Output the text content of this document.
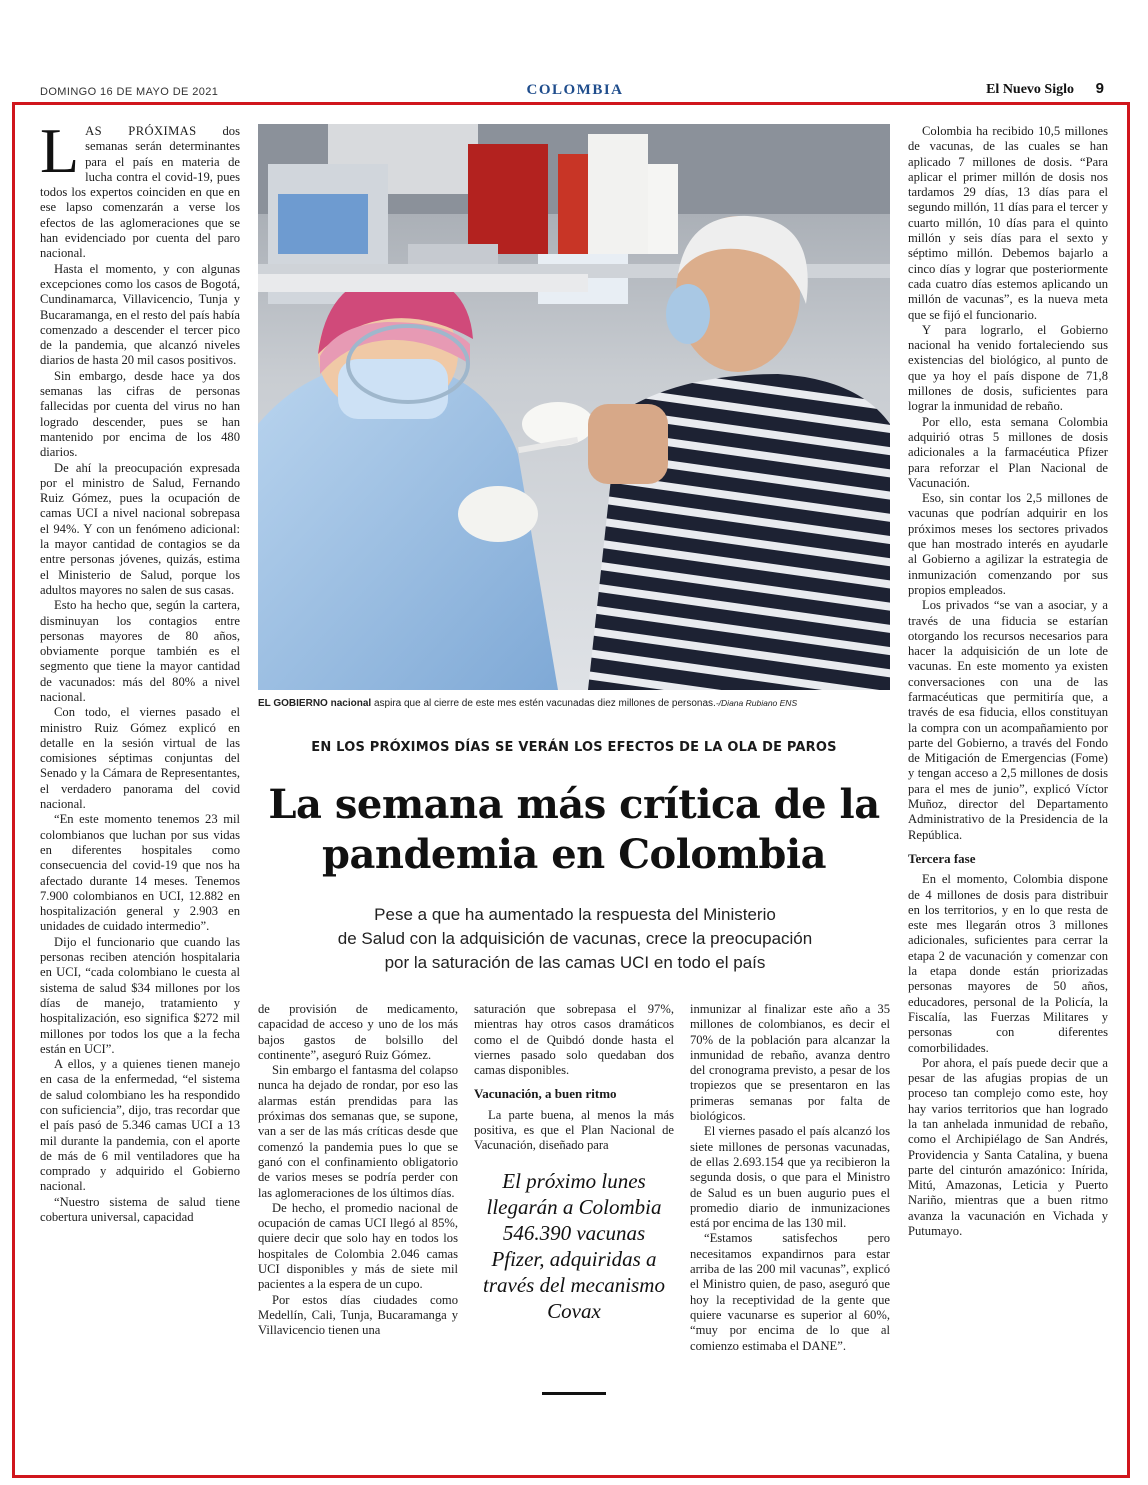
DOMINGO 16 DE MAYO DE 2021	COLOMBIA	El Nuevo Siglo 9

LAS PRÓXIMAS dos semanas serán determinantes para el país en materia de lucha contra el covid-19, pues todos los expertos coinciden en que en ese lapso comenzarán a verse los efectos de las aglomeraciones que se han evidenciado por cuenta del paro nacional.

Hasta el momento, y con algunas excepciones como los casos de Bogotá, Cundinamarca, Villavicencio, Tunja y Bucaramanga, en el resto del país había comenzado a descender el tercer pico de la pandemia, que alcanzó niveles diarios de hasta 20 mil casos positivos.

Sin embargo, desde hace ya dos semanas las cifras de personas fallecidas por cuenta del virus no han logrado descender, pues se han mantenido por encima de los 480 diarios.

De ahí la preocupación expresada por el ministro de Salud, Fernando Ruiz Gómez, pues la ocupación de camas UCI a nivel nacional sobrepasa el 94%. Y con un fenómeno adicional: la mayor cantidad de contagios se da entre personas jóvenes, quizás, estima el Ministerio de Salud, porque los adultos mayores no salen de sus casas.

Esto ha hecho que, según la cartera, disminuyan los contagios entre personas mayores de 80 años, obviamente porque también es el segmento que tiene la mayor cantidad de vacunados: más del 80% a nivel nacional.

Con todo, el viernes pasado el ministro Ruiz Gómez explicó en detalle en la sesión virtual de las comisiones séptimas conjuntas del Senado y la Cámara de Representantes, el verdadero panorama del covid nacional.

“En este momento tenemos 23 mil colombianos que luchan por sus vidas en diferentes hospitales como consecuencia del covid-19 que nos ha afectado durante 14 meses. Tenemos 7.900 colombianos en UCI, 12.882 en hospitalización general y 2.903 en unidades de cuidado intermedio”.

Dijo el funcionario que cuando las personas reciben atención hospitalaria en UCI, “cada colombiano le cuesta al sistema de salud $34 millones por los días de manejo, tratamiento y hospitalización, eso significa $272 mil millones por todos los que a la fecha están en UCI”.

A ellos, y a quienes tienen manejo en casa de la enfermedad, “el sistema de salud colombiano les ha respondido con suficiencia”, dijo, tras recordar que el país pasó de 5.346 camas UCI a 13 mil durante la pandemia, con el aporte de más de 6 mil ventiladores que ha comprado y adquirido el Gobierno nacional.

“Nuestro sistema de salud tiene cobertura universal, capacidad

EL GOBIERNO nacional aspira que al cierre de este mes estén vacunadas diez millones de personas.-/Diana Rubiano ENS
EN LOS PRÓXIMOS DÍAS SE VERÁN LOS EFECTOS DE LA OLA DE PAROS
La semana más crítica de la
pandemia en Colombia
Pese a que ha aumentado la respuesta del Ministerio
de Salud con la adquisición de vacunas, crece la preocupación
por la saturación de las camas UCI en todo el país

de provisión de medicamento, capacidad de acceso y uno de los más bajos gastos de bolsillo del continente”, aseguró Ruiz Gómez.

Sin embargo el fantasma del colapso nunca ha dejado de rondar, por eso las alarmas están prendidas para las próximas dos semanas que, se supone, van a ser de las más críticas desde que comenzó la pandemia pues lo que se ganó con el confinamiento obligatorio de varios meses se podría perder con las aglomeraciones de los últimos días.

De hecho, el promedio nacional de ocupación de camas UCI llegó al 85%, quiere decir que solo hay en todos los hospitales de Colombia 2.046 camas UCI disponibles y más de siete mil pacientes a la espera de un cupo.

Por estos días ciudades como Medellín, Cali, Tunja, Bucaramanga y Villavicencio tienen una

saturación que sobrepasa el 97%, mientras hay otros casos dramáticos como el de Quibdó donde hasta el viernes pasado solo quedaban dos camas disponibles.

Vacunación, a buen ritmo

La parte buena, al menos la más positiva, es que el Plan Nacional de Vacunación, diseñado para

El próximo lunes llegarán a Colombia 546.390 vacunas Pfizer, adquiridas a través del mecanismo Covax

inmunizar al finalizar este año a 35 millones de colombianos, es decir el 70% de la población para alcanzar la inmunidad de rebaño, avanza dentro del cronograma previsto, a pesar de los tropiezos que se presentaron en las primeras semanas por falta de biológicos.

El viernes pasado el país alcanzó los siete millones de personas vacunadas, de ellas 2.693.154 que ya recibieron la segunda dosis, o que para el Ministro de Salud es un buen augurio pues el promedio diario de inmunizaciones está por encima de las 130 mil.

“Estamos satisfechos pero necesitamos expandirnos para estar arriba de las 200 mil vacunas”, explicó el Ministro quien, de paso, aseguró que hoy la receptividad de la gente que quiere vacunarse es superior al 60%, “muy por encima de lo que al comienzo estimaba el DANE”.

Colombia ha recibido 10,5 millones de vacunas, de las cuales se han aplicado 7 millones de dosis. “Para aplicar el primer millón de dosis nos tardamos 29 días, 13 días para el segundo millón, 11 días para el tercer y cuarto millón, 10 días para el quinto millón y seis días para el sexto y séptimo millón. Debemos bajarlo a cinco días y lograr que posteriormente cada cuatro días estemos aplicando un millón de vacunas”, es la nueva meta que se fijó el funcionario.

Y para lograrlo, el Gobierno nacional ha venido fortaleciendo sus existencias del biológico, al punto de que ya hoy el país dispone de 71,8 millones de dosis, suficientes para lograr la inmunidad de rebaño.

Por ello, esta semana Colombia adquirió otras 5 millones de dosis adicionales a la farmacéutica Pfizer para reforzar el Plan Nacional de Vacunación.

Eso, sin contar los 2,5 millones de vacunas que podrían adquirir en los próximos meses los sectores privados que han mostrado interés en ayudarle al Gobierno a agilizar la estrategia de inmunización comenzando por sus propios empleados.

Los privados “se van a asociar, y a través de una fiducia se estarían otorgando los recursos necesarios para hacer la adquisición de un lote de vacunas. En este momento ya existen conversaciones con una de las farmacéuticas que permitiría que, a través de esa fiducia, ellos constituyan la compra con un acompañamiento por parte del Gobierno, a través del Fondo de Mitigación de Emergencias (Fome) y tengan acceso a 2,5 millones de dosis para el mes de junio”, explicó Víctor Muñoz, director del Departamento Administrativo de la Presidencia de la República.

Tercera fase

En el momento, Colombia dispone de 4 millones de dosis para distribuir en los territorios, y en lo que resta de este mes llegarán otros 3 millones adicionales, suficientes para cerrar la etapa 2 de vacunación y comenzar con la etapa donde están priorizadas personas mayores de 50 años, educadores, personal de la Policía, la Fiscalía, las Fuerzas Militares y personas con diferentes comorbilidades.

Por ahora, el país puede decir que a pesar de las afugias propias de un proceso tan complejo como este, hoy hay varios territorios que han logrado la tan anhelada inmunidad de rebaño, como el Archipiélago de San Andrés, Providencia y Santa Catalina, y buena parte del cinturón amazónico: Inírida, Mitú, Amazonas, Leticia y Puerto Nariño, mientras que a buen ritmo avanza la vacunación en Vichada y Putumayo.
